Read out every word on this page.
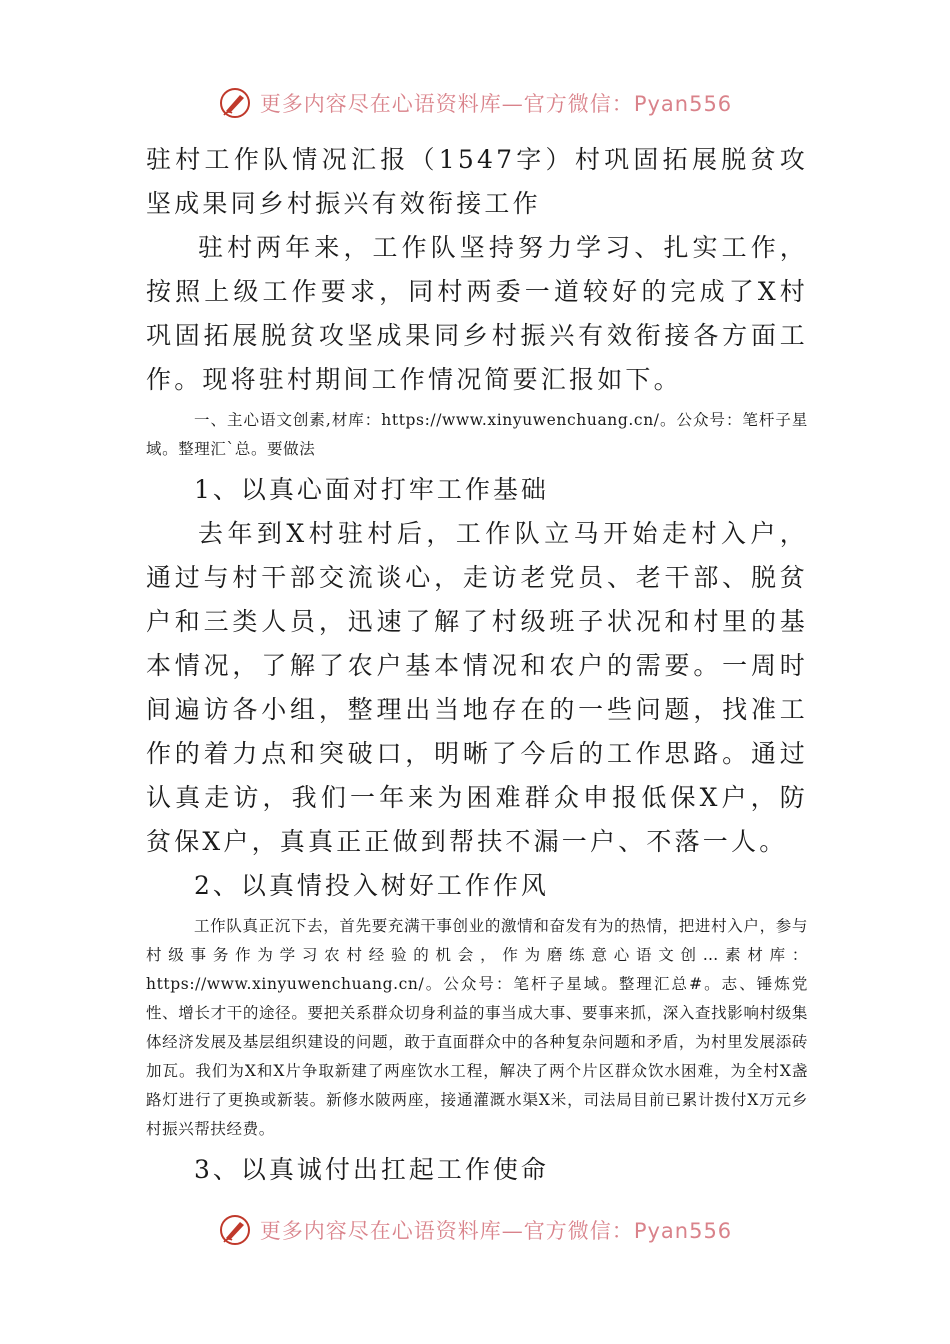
更多内容尽在心语资料库—官方微信：Pyan556

驻村工作队情况汇报（1547字）村巩固拓展脱贫攻坚成果同乡村振兴有效衔接工作

驻村两年来，工作队坚持努力学习、扎实工作，按照上级工作要求，同村两委一道较好的完成了X村巩固拓展脱贫攻坚成果同乡村振兴有效衔接各方面工作。现将驻村期间工作情况简要汇报如下。

一、主心语文创素,材库：https://www.xinyuwenchuang.cn/。公众号：笔杆子星域。整理汇`总。要做法

1、以真心面对打牢工作基础

去年到X村驻村后，工作队立马开始走村入户，通过与村干部交流谈心，走访老党员、老干部、脱贫户和三类人员，迅速了解了村级班子状况和村里的基本情况，了解了农户基本情况和农户的需要。一周时间遍访各小组，整理出当地存在的一些问题，找准工作的着力点和突破口，明晰了今后的工作思路。通过认真走访，我们一年来为困难群众申报低保X户，防贫保X户，真真正正做到帮扶不漏一户、不落一人。

2、以真情投入树好工作作风

工作队真正沉下去，首先要充满干事创业的激情和奋发有为的热情，把进村入户，参与村级事务作为学习农村经验的机会，作为磨练意心语文创…素材库：https://www.xinyuwenchuang.cn/。公众号：笔杆子星域。整理汇总#。志、锤炼党性、增长才干的途径。要把关系群众切身利益的事当成大事、要事来抓，深入查找影响村级集体经济发展及基层组织建设的问题，敢于直面群众中的各种复杂问题和矛盾，为村里发展添砖加瓦。我们为X和X片争取新建了两座饮水工程，解决了两个片区群众饮水困难，为全村X盏路灯进行了更换或新装。新修水陂两座，接通灌溉水渠X米，司法局目前已累计拨付X万元乡村振兴帮扶经费。

3、以真诚付出扛起工作使命

更多内容尽在心语资料库—官方微信：Pyan556
